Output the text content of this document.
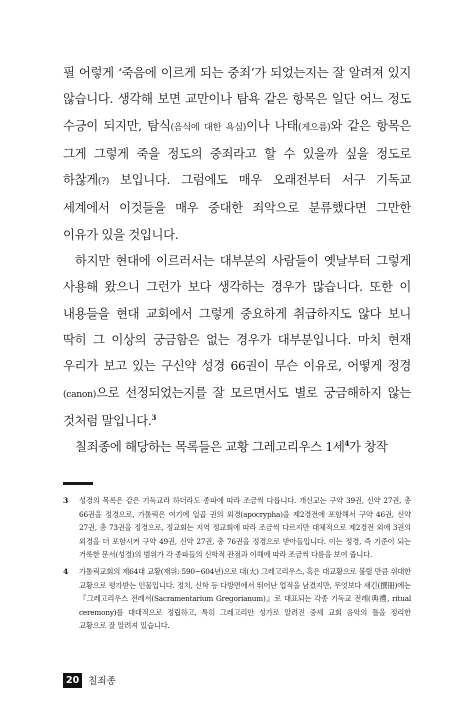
필 어렇게 ‘죽음에 이르게 되는 중죄’가 되었는지는 잘 알려져 있지 않습니다. 생각해 보면 교만이나 탐욕 같은 항목은 일단 어느 정도 수긍이 되지만, 탐식(음식에 대한 욕심)이나 나태(게으름)와 같은 항목은 그게 그렇게 죽을 정도의 중죄라고 할 수 있을까 싶을 정도로 하찮게(?) 보입니다. 그럼에도 매우 오래전부터 서구 기독교 세계에서 이것들을 매우 중대한 죄악으로 분류했다면 그만한 이유가 있을 것입니다.

하지만 현대에 이르러서는 대부분의 사람들이 옛날부터 그렇게 사용해 왔으니 그런가 보다 생각하는 경우가 많습니다. 또한 이 내용들을 현대 교회에서 그렇게 중요하게 취급하지도 않다 보니 딱히 그 이상의 궁금함은 없는 경우가 대부분입니다. 마치 현재 우리가 보고 있는 구신약 성경 66권이 무슨 이유로, 어떻게 정경(canon)으로 선정되었는지를 잘 모르면서도 별로 궁금해하지 않는 것처럼 말입니다.$^3$

칠죄종에 해당하는 목록들은 교황 그레고리우스 1세$^4$가 창작

3	성경의 목록은 같은 기독교라 하더라도 종파에 따라 조금씩 다릅니다. 개신교는 구약 39권, 신약 27권, 총 66권을 정경으로, 가톨릭은 여기에 일곱 권의 외경(apocrypha)을 제2경전에 포함해서 구약 46권, 신약 27권, 총 73권을 정경으로, 정교회는 지역 정교회에 따라 조금씩 다르지만 대체적으로 제2경전 외에 3권의 외경을 더 포함시켜 구약 49권, 신약 27권, 총 76권을 정경으로 받아들입니다. 이는 정경, 즉 기준이 되는 거룩한 문서(성경)의 범위가 각 종파들의 신학적 관점과 이해에 따라 조금씩 다름을 보여 줍니다.
4	가톨릭교회의 제64대 교황(재위: 590~604년)으로 대(大) 그레고리우스, 혹은 대교황으로 불릴 만큼 위대한 교황으로 평가받는 인물입니다. 정치, 신학 등 다방면에서 뛰어난 업적을 남겼지만, 무엇보다 새긴(撰冊)에는 『그레고리우스 전례서(Sacramentarium Gregorianum)』로 대표되는 각종 기독교 전례(典禮, ritual ceremony)를 대대적으로 정립하고, 특히 그레고리안 성가로 알려진 중세 교회 음악의 틀을 정리한 교황으로 잘 알려져 있습니다.
20 칠죄종
